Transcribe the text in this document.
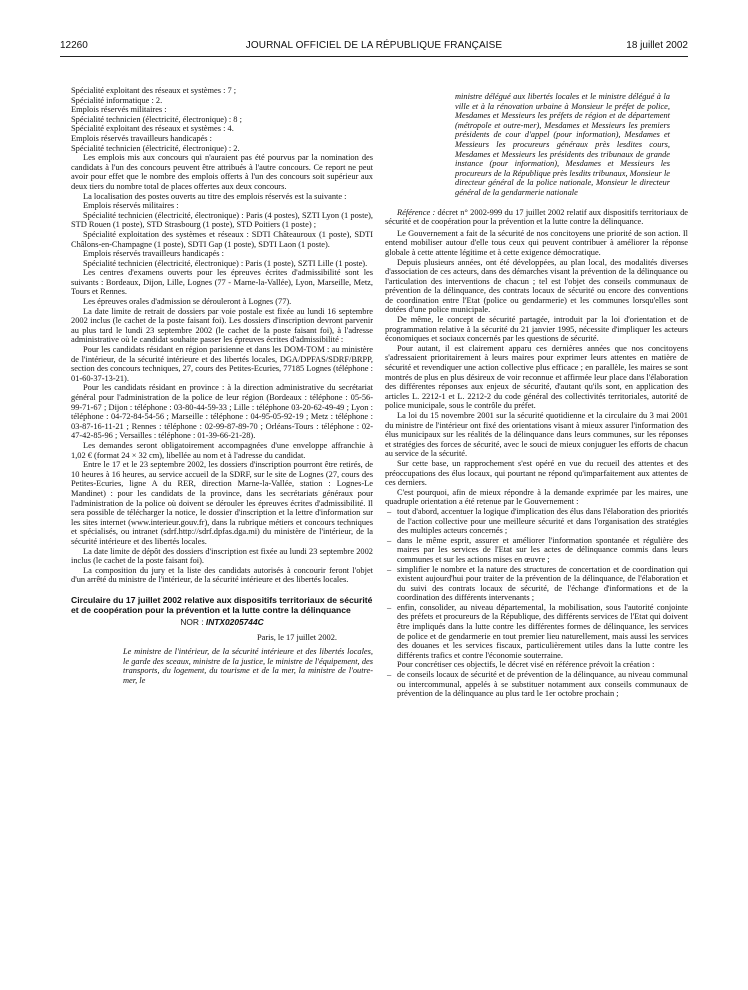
12260	JOURNAL OFFICIEL DE LA RÉPUBLIQUE FRANÇAISE	18 juillet 2002

Spécialité exploitant des réseaux et systèmes : 7 ;

Spécialité informatique : 2.

Emplois réservés militaires :

Spécialité technicien (électricité, électronique) : 8 ;

Spécialité exploitant des réseaux et systèmes : 4.

Emplois réservés travailleurs handicapés :

Spécialité technicien (électricité, électronique) : 2.

Les emplois mis aux concours qui n'auraient pas été pourvus par la nomination des candidats à l'un des concours peuvent être attribués à l'autre concours. Ce report ne peut avoir pour effet que le nombre des emplois offerts à l'un des concours soit supérieur aux deux tiers du nombre total de places offertes aux deux concours.

La localisation des postes ouverts au titre des emplois réservés est la suivante :

Emplois réservés militaires :

Spécialité technicien (électricité, électronique) : Paris (4 postes), SZTI Lyon (1 poste), STD Rouen (1 poste), STD Strasbourg (1 poste), STD Poitiers (1 poste) ;

Spécialité exploitation des systèmes et réseaux : SDTI Châteauroux (1 poste), SDTI Châlons-en-Champagne (1 poste), SDTI Gap (1 poste), SDTI Laon (1 poste).

Emplois réservés travailleurs handicapés :

Spécialité technicien (électricité, électronique) : Paris (1 poste), SZTI Lille (1 poste).

Les centres d'examens ouverts pour les épreuves écrites d'admissibilité sont les suivants : Bordeaux, Dijon, Lille, Lognes (77 - Marne-la-Vallée), Lyon, Marseille, Metz, Tours et Rennes.

Les épreuves orales d'admission se dérouleront à Lognes (77).

La date limite de retrait de dossiers par voie postale est fixée au lundi 16 septembre 2002 inclus (le cachet de la poste faisant foi). Les dossiers d'inscription devront parvenir au plus tard le lundi 23 septembre 2002 (le cachet de la poste faisant foi), à l'adresse administrative où le candidat souhaite passer les épreuves écrites d'admissibilité :

Pour les candidats résidant en région parisienne et dans les DOM-TOM : au ministère de l'intérieur, de la sécurité intérieure et des libertés locales, DGA/DPFAS/SDRF/BRPP, section des concours techniques, 27, cours des Petites-Ecuries, 77185 Lognes (téléphone : 01-60-37-13-21).

Pour les candidats résidant en province : à la direction administrative du secrétariat général pour l'administration de la police de leur région (Bordeaux : téléphone : 05-56-99-71-67 ; Dijon : téléphone : 03-80-44-59-33 ; Lille : téléphone 03-20-62-49-49 ; Lyon : téléphone : 04-72-84-54-56 ; Marseille : téléphone : 04-95-05-92-19 ; Metz : téléphone : 03-87-16-11-21 ; Rennes : téléphone : 02-99-87-89-70 ; Orléans-Tours : téléphone : 02-47-42-85-96 ; Versailles : téléphone : 01-39-66-21-28).

Les demandes seront obligatoirement accompagnées d'une enveloppe affranchie à 1,02 € (format 24 × 32 cm), libellée au nom et à l'adresse du candidat.

Entre le 17 et le 23 septembre 2002, les dossiers d'inscription pourront être retirés, de 10 heures à 16 heures, au service accueil de la SDRF, sur le site de Lognes (27, cours des Petites-Ecuries, ligne A du RER, direction Marne-la-Vallée, station : Lognes-Le Mandinet) : pour les candidats de la province, dans les secrétariats généraux pour l'administration de la police où doivent se dérouler les épreuves écrites d'admissibilité. Il sera possible de télécharger la notice, le dossier d'inscription et la lettre d'information sur les sites internet (www.interieur.gouv.fr), dans la rubrique métiers et concours techniques et spécialisés, ou intranet (sdrf.http://sdrf.dpfas.dga.mi) du ministère de l'intérieur, de la sécurité intérieure et des libertés locales.

La date limite de dépôt des dossiers d'inscription est fixée au lundi 23 septembre 2002 inclus (le cachet de la poste faisant foi).

La composition du jury et la liste des candidats autorisés à concourir feront l'objet d'un arrêté du ministre de l'intérieur, de la sécurité intérieure et des libertés locales.

Circulaire du 17 juillet 2002 relative aux dispositifs territoriaux de sécurité et de coopération pour la prévention et la lutte contre la délinquance

NOR : INTX0205744C

Paris, le 17 juillet 2002.

Le ministre de l'intérieur, de la sécurité intérieure et des libertés locales, le garde des sceaux, ministre de la justice, le ministre de l'équipement, des transports, du logement, du tourisme et de la mer, la ministre de l'outre-mer, le

ministre délégué aux libertés locales et le ministre délégué à la ville et à la rénovation urbaine à Monsieur le préfet de police, Mesdames et Messieurs les préfets de région et de département (métropole et outre-mer), Mesdames et Messieurs les premiers présidents de cour d'appel (pour information), Mesdames et Messieurs les procureurs généraux près lesdites cours, Mesdames et Messieurs les présidents des tribunaux de grande instance (pour information), Mesdames et Messieurs les procureurs de la République près lesdits tribunaux, Monsieur le directeur général de la police nationale, Monsieur le directeur général de la gendarmerie nationale

Référence : décret n° 2002-999 du 17 juillet 2002 relatif aux dispositifs territoriaux de sécurité et de coopération pour la prévention et la lutte contre la délinquance.

Le Gouvernement a fait de la sécurité de nos concitoyens une priorité de son action. Il entend mobiliser autour d'elle tous ceux qui peuvent contribuer à améliorer la réponse globale à cette attente légitime et à cette exigence démocratique.

Depuis plusieurs années, ont été développées, au plan local, des modalités diverses d'association de ces acteurs, dans des démarches visant la prévention de la délinquance ou l'articulation des interventions de chacun ; tel est l'objet des conseils communaux de prévention de la délinquance, des contrats locaux de sécurité ou encore des conventions de coordination entre l'Etat (police ou gendarmerie) et les communes lorsqu'elles sont dotées d'une police municipale.

De même, le concept de sécurité partagée, introduit par la loi d'orientation et de programmation relative à la sécurité du 21 janvier 1995, nécessite d'impliquer les acteurs économiques et sociaux concernés par les questions de sécurité.

Pour autant, il est clairement apparu ces dernières années que nos concitoyens s'adressaient prioritairement à leurs maires pour exprimer leurs attentes en matière de sécurité et revendiquer une action collective plus efficace ; en parallèle, les maires se sont montrés de plus en plus désireux de voir reconnue et affirmée leur place dans l'élaboration des différentes réponses aux enjeux de sécurité, d'autant qu'ils sont, en application des articles L. 2212-1 et L. 2212-2 du code général des collectivités territoriales, autorité de police municipale, sous le contrôle du préfet.

La loi du 15 novembre 2001 sur la sécurité quotidienne et la circulaire du 3 mai 2001 du ministre de l'intérieur ont fixé des orientations visant à mieux assurer l'information des élus municipaux sur les réalités de la délinquance dans leurs communes, sur les réponses et stratégies des forces de sécurité, avec le souci de mieux conjuguer les efforts de chacun au service de la sécurité.

Sur cette base, un rapprochement s'est opéré en vue du recueil des attentes et des préoccupations des élus locaux, qui pourtant ne répond qu'imparfaitement aux attentes de ces derniers.

C'est pourquoi, afin de mieux répondre à la demande exprimée par les maires, une quadruple orientation a été retenue par le Gouvernement :

– tout d'abord, accentuer la logique d'implication des élus dans l'élaboration des priorités de l'action collective pour une meilleure sécurité et dans l'organisation des stratégies des multiples acteurs concernés ;
– dans le même esprit, assurer et améliorer l'information spontanée et régulière des maires par les services de l'Etat sur les actes de délinquance commis dans leurs communes et sur les actions mises en œuvre ;
– simplifier le nombre et la nature des structures de concertation et de coordination qui existent aujourd'hui pour traiter de la prévention de la délinquance, de l'élaboration et du suivi des contrats locaux de sécurité, de l'échange d'informations et de la coordination des différents intervenants ;
– enfin, consolider, au niveau départemental, la mobilisation, sous l'autorité conjointe des préfets et procureurs de la République, des différents services de l'Etat qui doivent être impliqués dans la lutte contre les différentes formes de délinquance, les services de police et de gendarmerie en tout premier lieu naturellement, mais aussi les services des douanes et les services fiscaux, particulièrement utiles dans la lutte contre les différents trafics et contre l'économie souterraine.

Pour concrétiser ces objectifs, le décret visé en référence prévoit la création :

– de conseils locaux de sécurité et de prévention de la délinquance, au niveau communal ou intercommunal, appelés à se substituer notamment aux conseils communaux de prévention de la délinquance au plus tard le 1er octobre prochain ;
